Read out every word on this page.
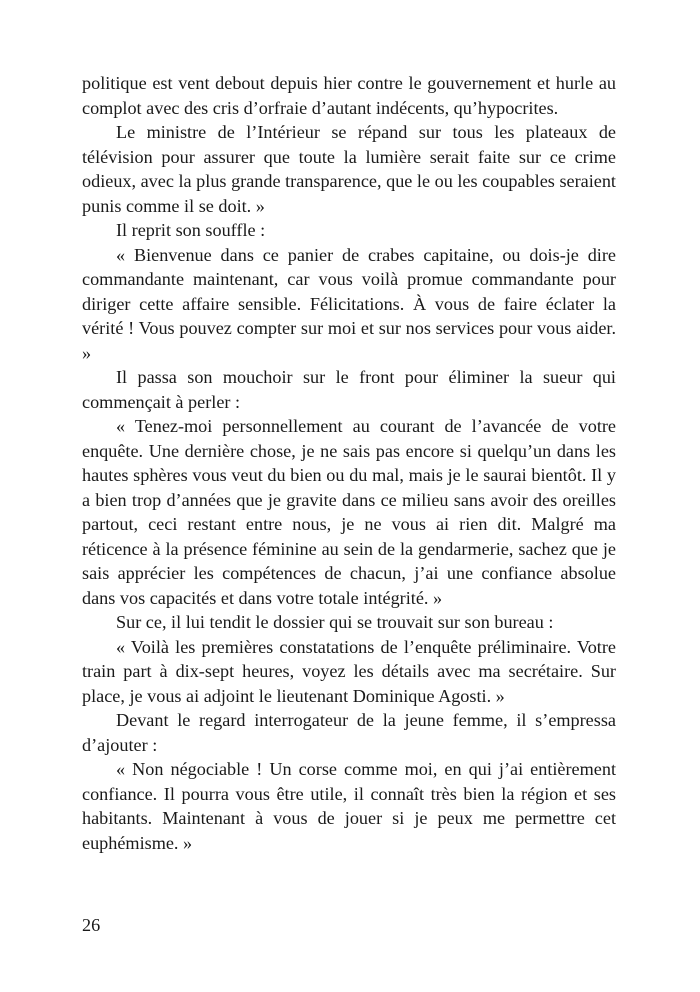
politique est vent debout depuis hier contre le gouvernement et hurle au complot avec des cris d’orfraie d’autant indécents, qu’hypocrites.

Le ministre de l’Intérieur se répand sur tous les plateaux de télévision pour assurer que toute la lumière serait faite sur ce crime odieux, avec la plus grande transparence, que le ou les coupables seraient punis comme il se doit. »

Il reprit son souffle :

« Bienvenue dans ce panier de crabes capitaine, ou dois-je dire commandante maintenant, car vous voilà promue commandante pour diriger cette affaire sensible. Félicitations. À vous de faire éclater la vérité ! Vous pouvez compter sur moi et sur nos services pour vous aider. »

Il passa son mouchoir sur le front pour éliminer la sueur qui commençait à perler :

« Tenez-moi personnellement au courant de l’avancée de votre enquête. Une dernière chose, je ne sais pas encore si quelqu’un dans les hautes sphères vous veut du bien ou du mal, mais je le saurai bientôt. Il y a bien trop d’années que je gravite dans ce milieu sans avoir des oreilles partout, ceci restant entre nous, je ne vous ai rien dit. Malgré ma réticence à la présence féminine au sein de la gendarmerie, sachez que je sais apprécier les compétences de chacun, j’ai une confiance absolue dans vos capacités et dans votre totale intégrité. »

Sur ce, il lui tendit le dossier qui se trouvait sur son bureau :

« Voilà les premières constatations de l’enquête préliminaire. Votre train part à dix-sept heures, voyez les détails avec ma secrétaire. Sur place, je vous ai adjoint le lieutenant Dominique Agosti. »

Devant le regard interrogateur de la jeune femme, il s’empressa d’ajouter :

« Non négociable ! Un corse comme moi, en qui j’ai entièrement confiance. Il pourra vous être utile, il connaît très bien la région et ses habitants. Maintenant à vous de jouer si je peux me permettre cet euphémisme. »

26
